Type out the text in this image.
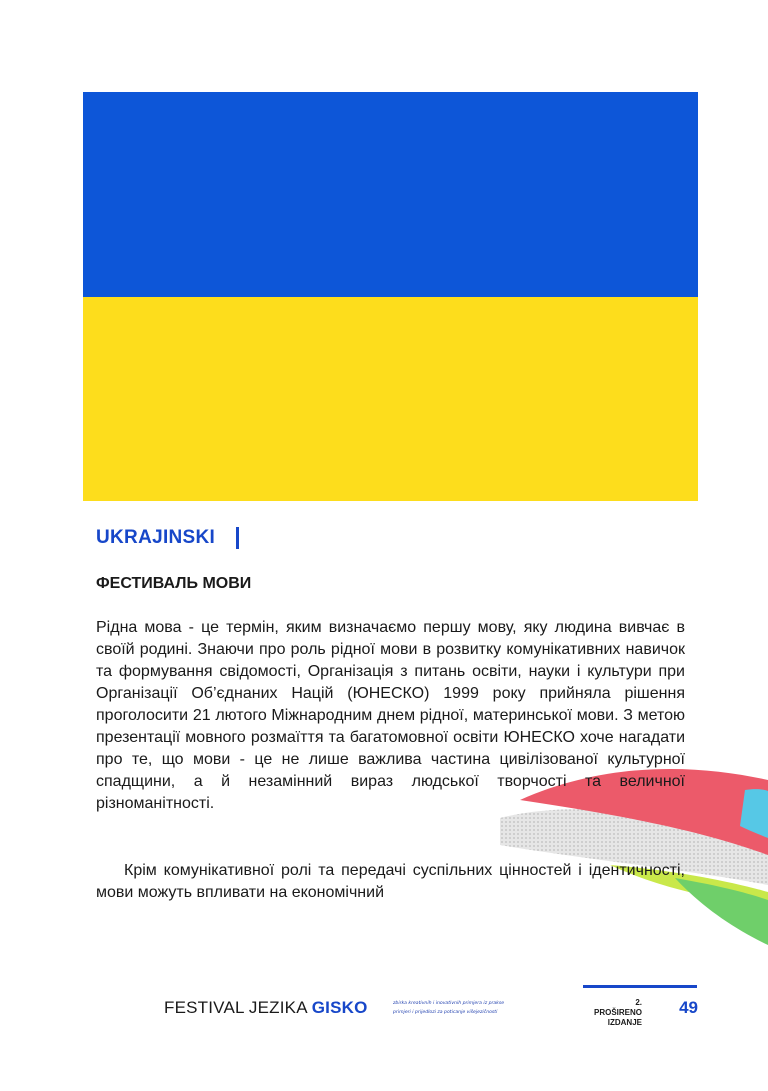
UKRAJINSKI
ФЕСТИВАЛЬ МОВИ

Рідна мова - це термін, яким визначаємо першу мову, яку людина вивчає в своїй родині. Знаючи про роль рідної мови в розвитку комунікативних навичок та формування свідомості, Організація з питань освіти, науки і культури при Організації Об’єднаних Націй (ЮНЕСКО) 1999 року прийняла рішення проголосити 21 лютого Міжнародним днем рідної, материнської мови. З метою презентації мовного розмаїття та багатомовної освіти ЮНЕСКО хоче нагадати про те, що мови - це не лише важлива частина цивілізованої культурної спадщини, а й незамінний вираз людської творчості та величної різноманітності.

Крім комунікативної ролі та передачі суспільних цінностей і ідентичності, мови можуть впливати на економічний

FESTIVAL JEZIKA GISKO	zbirka kreativnih i inovativnih primjera iz prakse
primjeri i prijedlozi za poticanje višejezičnosti
2. PROŠIRENO
IZDANJE
49
